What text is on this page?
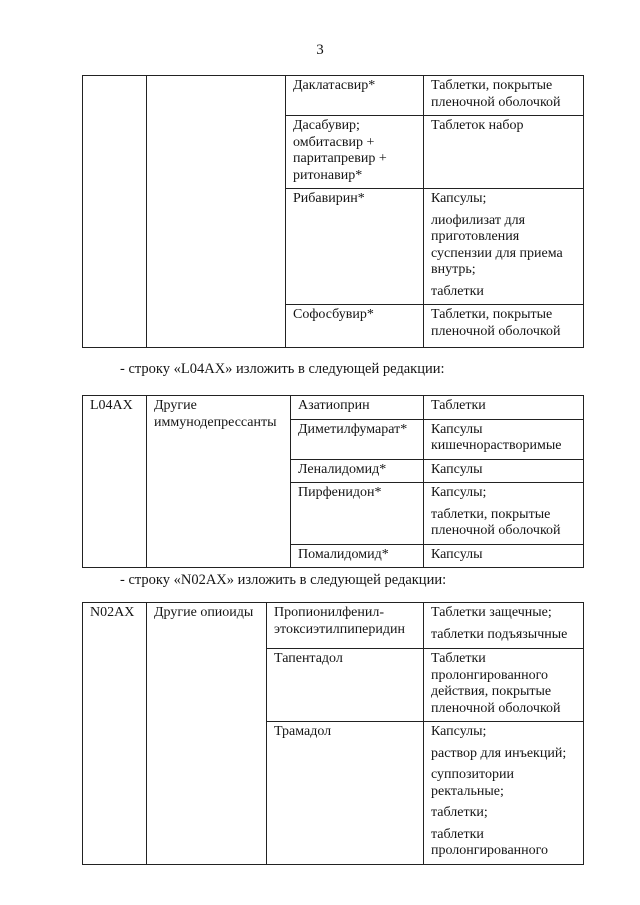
3
		Даклатасвир*	Таблетки, покрытые пленочной оболочкой

		Дасабувир; омбитасвир + паритапревир + ритонавир*	Таблеток набор

		Рибавирин*	Капсулы;
лиофилизат для приготовления суспензии для приема внутрь;
таблетки

		Софосбувир*	Таблетки, покрытые пленочной оболочкой
- строку «L04AX» изложить в следующей редакции:
L04AX	Другие иммунодепрессанты	Азатиоприн	Таблетки

		Диметилфумарат*	Капсулы кишечнорастворимые

		Леналидомид*	Капсулы

		Пирфенидон*	Капсулы;
таблетки, покрытые пленочной оболочкой

		Помалидомид*	Капсулы
- строку «N02AX» изложить в следующей редакции:
N02AX	Другие опиоиды	Пропионилфенил-этоксиэтилпиперидин	Таблетки защечные;
таблетки подъязычные

		Тапентадол	Таблетки пролонгированного действия, покрытые пленочной оболочкой

		Трамадол	Капсулы;
раствор для инъекций;
суппозитории ректальные;
таблетки;
таблетки пролонгированного
